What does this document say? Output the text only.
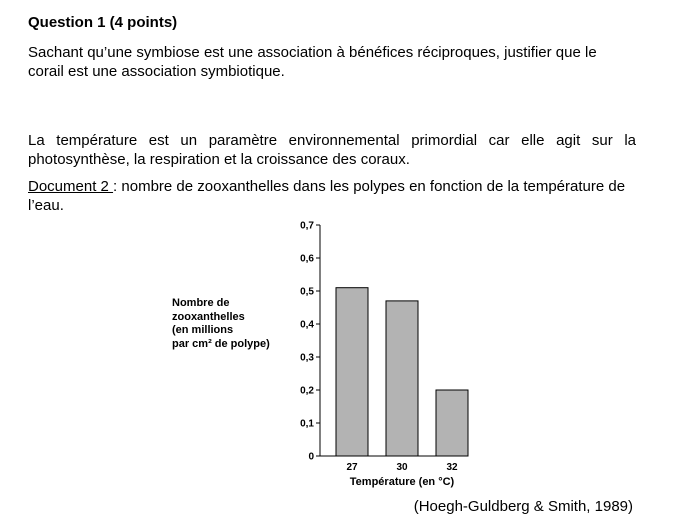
Question 1 (4 points)
Sachant qu’une symbiose est une association à bénéfices réciproques, justifier que le corail est une association symbiotique.
La température est un paramètre environnemental primordial car elle agit sur la photosynthèse, la respiration et la croissance des coraux.
Document 2 : nombre de zooxanthelles dans les polypes en fonction de la température de l’eau.
Nombre de
zooxanthelles
(en millions
par cm² de polype)
0
0,1
0,2
0,3
0,4
0,5
0,6
0,7
27	30	32
Température (en °C)
(Hoegh-Guldberg & Smith, 1989)
